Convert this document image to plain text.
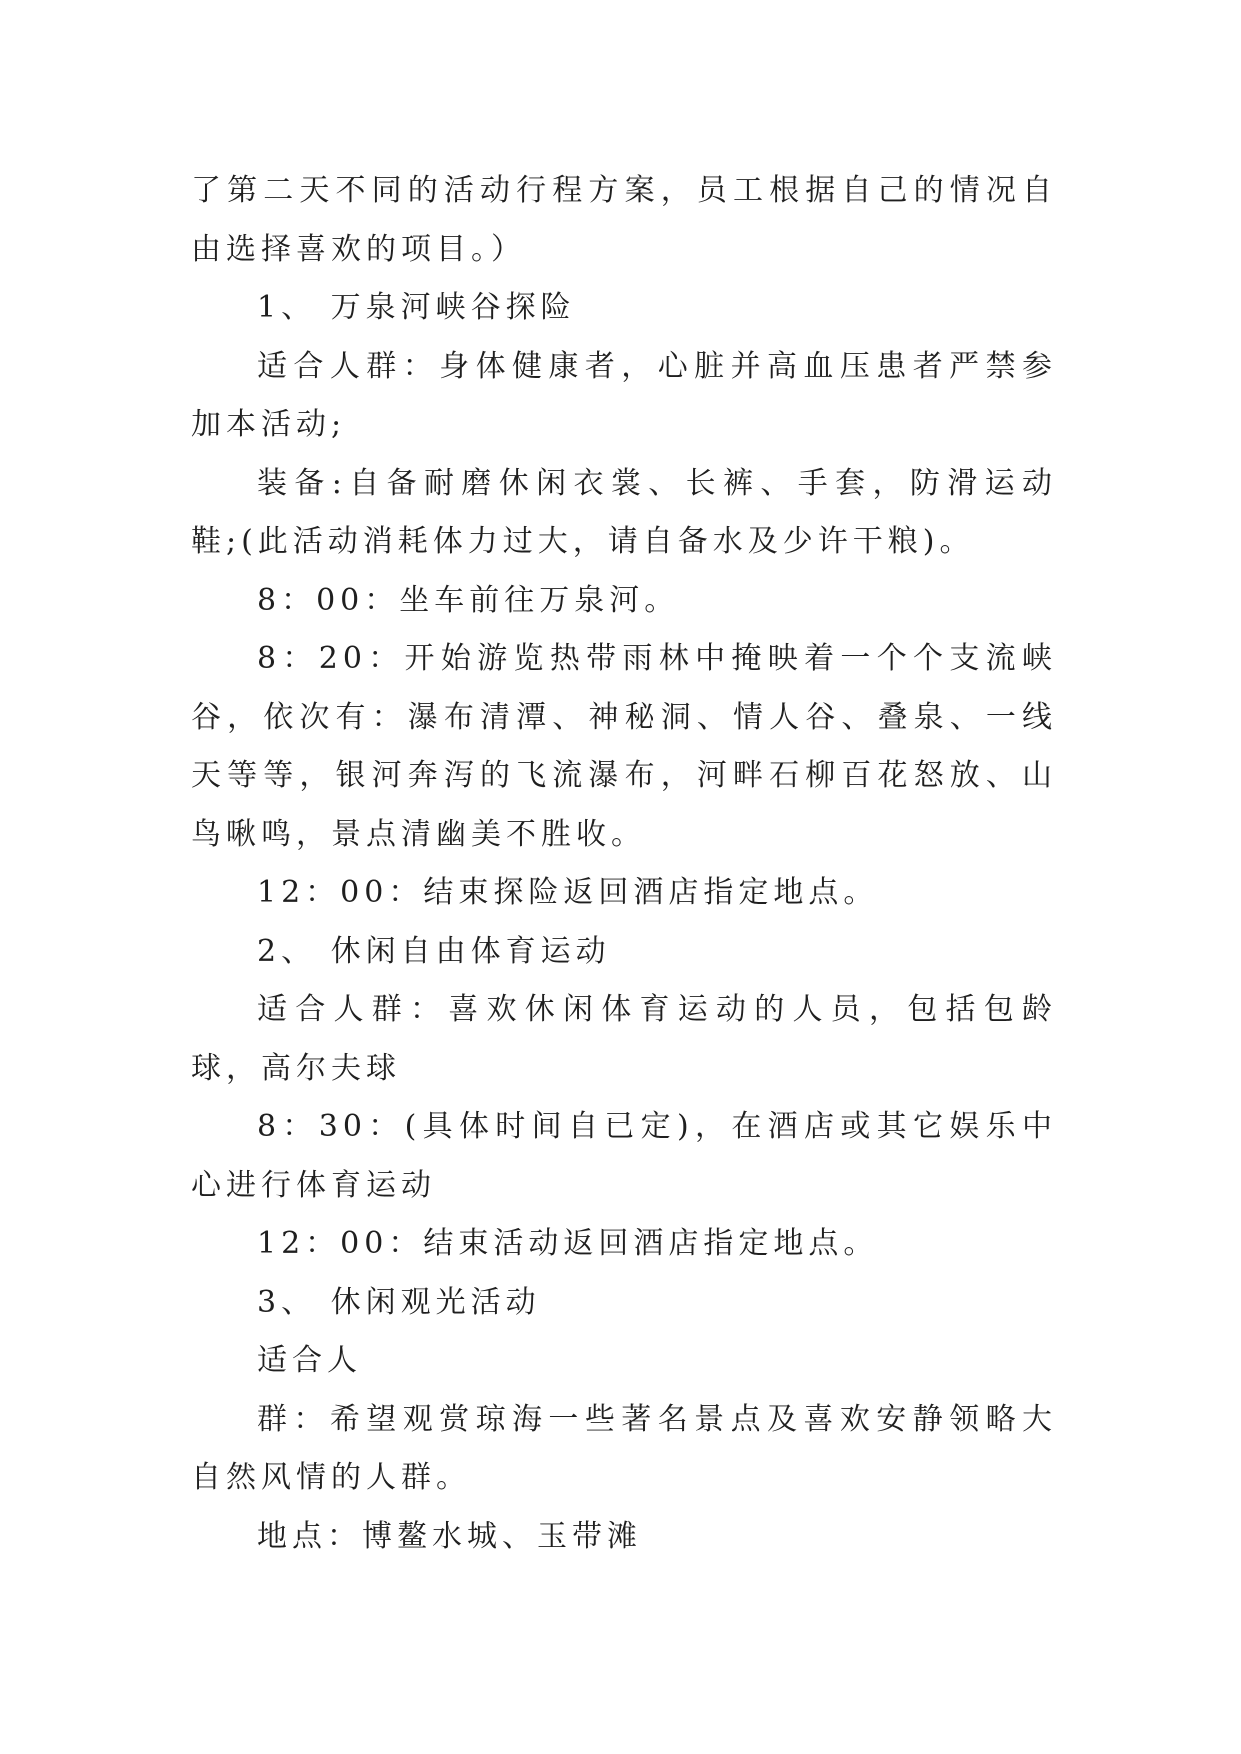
了第二天不同的活动行程方案，员工根据自己的情况自由选择喜欢的项目。）

1、 万泉河峡谷探险

适合人群：身体健康者，心脏并高血压患者严禁参加本活动;

装备:自备耐磨休闲衣裳、长裤、手套，防滑运动鞋;(此活动消耗体力过大，请自备水及少许干粮)。

8：00：坐车前往万泉河。

8：20：开始游览热带雨林中掩映着一个个支流峡谷，依次有：瀑布清潭、神秘洞、情人谷、叠泉、一线天等等，银河奔泻的飞流瀑布，河畔石柳百花怒放、山鸟啾鸣，景点清幽美不胜收。

12：00：结束探险返回酒店指定地点。

2、 休闲自由体育运动

适合人群：喜欢休闲体育运动的人员，包括包龄球，高尔夫球

8：30：(具体时间自已定)，在酒店或其它娱乐中心进行体育运动

12：00：结束活动返回酒店指定地点。

3、 休闲观光活动

适合人

群：希望观赏琼海一些著名景点及喜欢安静领略大自然风情的人群。

地点：博鳌水城、玉带滩
